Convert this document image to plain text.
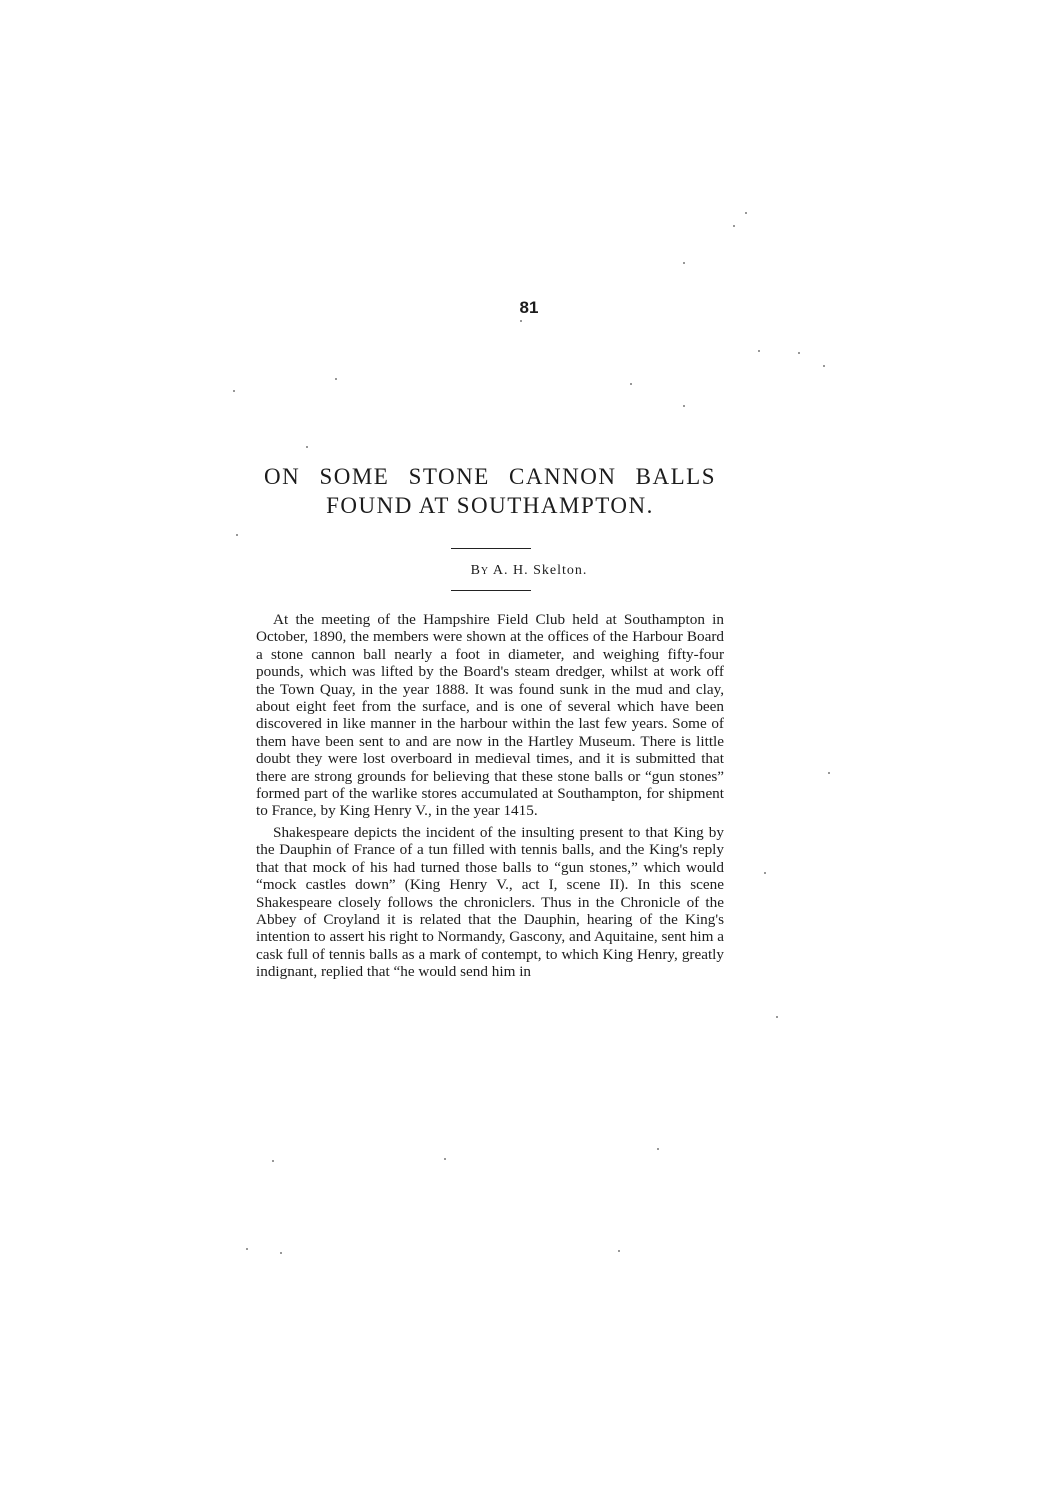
81
ON SOME STONE CANNON BALLS
FOUND AT SOUTHAMPTON.
By A. H. Skelton.

At the meeting of the Hampshire Field Club held at Southampton in October, 1890, the members were shown at the offices of the Harbour Board a stone cannon ball nearly a foot in diameter, and weighing fifty-four pounds, which was lifted by the Board's steam dredger, whilst at work off the Town Quay, in the year 1888. It was found sunk in the mud and clay, about eight feet from the surface, and is one of several which have been discovered in like manner in the harbour within the last few years. Some of them have been sent to and are now in the Hartley Museum. There is little doubt they were lost overboard in medieval times, and it is submitted that there are strong grounds for believing that these stone balls or “gun stones” formed part of the warlike stores accumulated at Southampton, for shipment to France, by King Henry V., in the year 1415.

Shakespeare depicts the incident of the insulting present to that King by the Dauphin of France of a tun filled with tennis balls, and the King's reply that that mock of his had turned those balls to “gun stones,” which would “mock castles down” (King Henry V., act I, scene II). In this scene Shakespeare closely follows the chroniclers. Thus in the Chronicle of the Abbey of Croyland it is related that the Dauphin, hearing of the King's intention to assert his right to Normandy, Gascony, and Aquitaine, sent him a cask full of tennis balls as a mark of contempt, to which King Henry, greatly indignant, replied that “he would send him in
